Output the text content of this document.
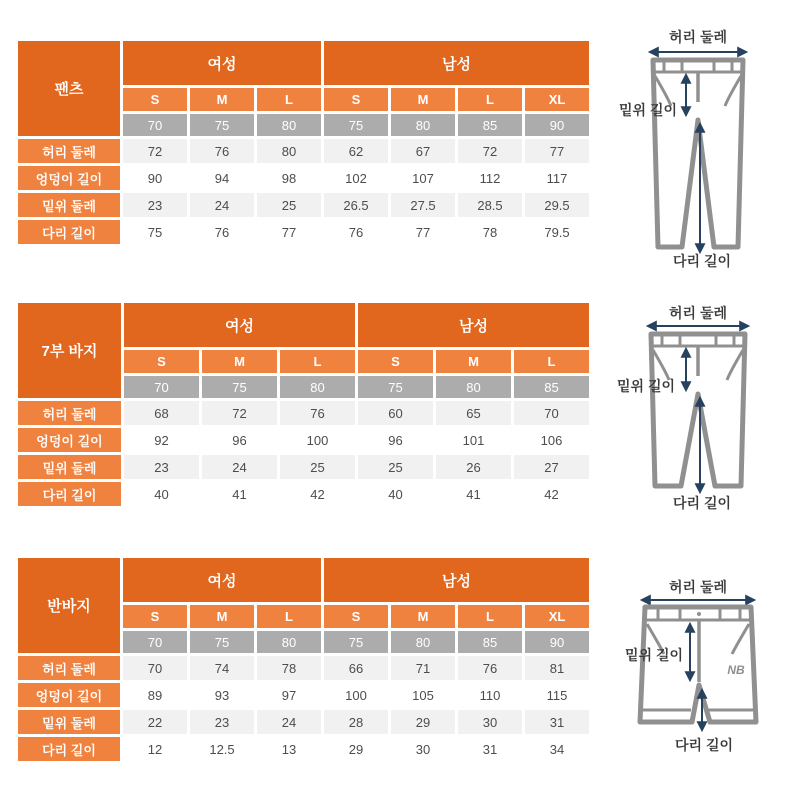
팬츠	여성			남성			
	S	M	L	S	M	L	XL
	70	75	80	75	80	85	90
허리 둘레	72	76	80	62	67	72	77
엉덩이 길이	90	94	98	102	107	112	117
밑위 둘레	23	24	25	26.5	27.5	28.5	29.5
다리 길이	75	76	77	76	77	78	79.5
7부 바지	여성			남성		
	S	M	L	S	M	L
	70	75	80	75	80	85
허리 둘레	68	72	76	60	65	70
엉덩이 길이	92	96	100	96	101	106
밑위 둘레	23	24	25	25	26	27
다리 길이	40	41	42	40	41	42
반바지	여성			남성			
	S	M	L	S	M	L	XL
	70	75	80	75	80	85	90
허리 둘레	70	74	78	66	71	76	81
엉덩이 길이	89	93	97	100	105	110	115
밑위 둘레	22	23	24	28	29	30	31
다리 길이	12	12.5	13	29	30	31	34
허리 둘레
밑위 길이
다리 길이
허리 둘레
밑위 길이
다리 길이
허리 둘레
NB
밑위 길이
다리 길이
